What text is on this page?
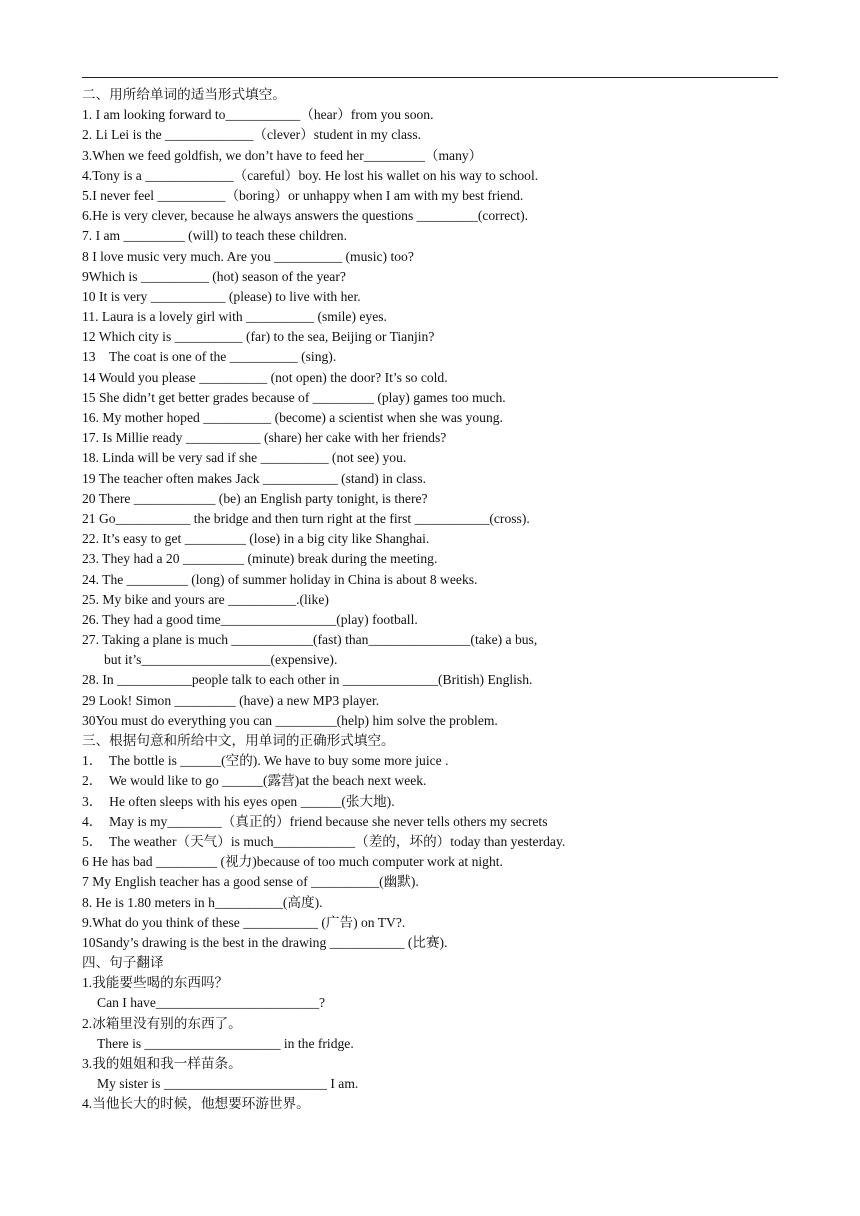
二、用所给单词的适当形式填空。
1. I am looking forward to___________（hear）from you soon.
2. Li Lei is the _____________（clever）student in my class.
3.When we feed goldfish, we don’t have to feed her_________（many）
4.Tony is a _____________（careful）boy. He lost his wallet on his way to school.
5.I never feel __________（boring）or unhappy when I am with my best friend.
6.He is very clever, because he always answers the questions _________(correct).
7. I am _________ (will) to teach these children.
8 I love music very much. Are you __________ (music) too?
9Which is __________ (hot) season of the year?
10 It is very ___________ (please) to live with her.
11. Laura is a lovely girl with __________ (smile) eyes.
12 Which city is __________ (far) to the sea, Beijing or Tianjin?
13    The coat is one of the __________ (sing).
14 Would you please __________ (not open) the door? It’s so cold.
15 She didn’t get better grades because of _________ (play) games too much.
16. My mother hoped __________ (become) a scientist when she was young.
17. Is Millie ready ___________ (share) her cake with her friends?
18. Linda will be very sad if she __________ (not see) you.
19 The teacher often makes Jack ___________ (stand) in class.
20 There ____________ (be) an English party tonight, is there?
21 Go___________ the bridge and then turn right at the first ___________(cross).
22. It’s easy to get _________ (lose) in a big city like Shanghai.
23. They had a 20 _________ (minute) break during the meeting.
24. The _________ (long) of summer holiday in China is about 8 weeks.
25. My bike and yours are __________.(like)
26. They had a good time_________________(play) football.
27. Taking a plane is much ____________(fast) than_______________(take) a bus,
but it’s___________________(expensive).
28. In ___________people talk to each other in ______________(British) English.
29 Look! Simon _________ (have) a new MP3 player.
30You must do everything you can _________(help) him solve the problem.
三、根据句意和所给中文，用单词的正确形式填空。
1．  The bottle is ______(空的). We have to buy some more juice .
2．  We would like to go ______(露营)at the beach next week.
3．  He often sleeps with his eyes open ______(张大地).
4．  May is my________（真正的）friend because she never tells others my secrets
5．  The weather（天气）is much____________（差的，坏的）today than yesterday.
6 He has bad _________ (视力)because of too much computer work at night.
7 My English teacher has a good sense of __________(幽默).
8. He is 1.80 meters in h__________(高度).
9.What do you think of these ___________ (广告) on TV?.
10Sandy’s drawing is the best in the drawing ___________ (比赛).
四、句子翻译
1.我能要些喝的东西吗？
Can I have________________________?
2.冰箱里没有别的东西了。
There is ____________________ in the fridge.
3.我的姐姐和我一样苗条。
My sister is ________________________ I am.
4.当他长大的时候，他想要环游世界。
